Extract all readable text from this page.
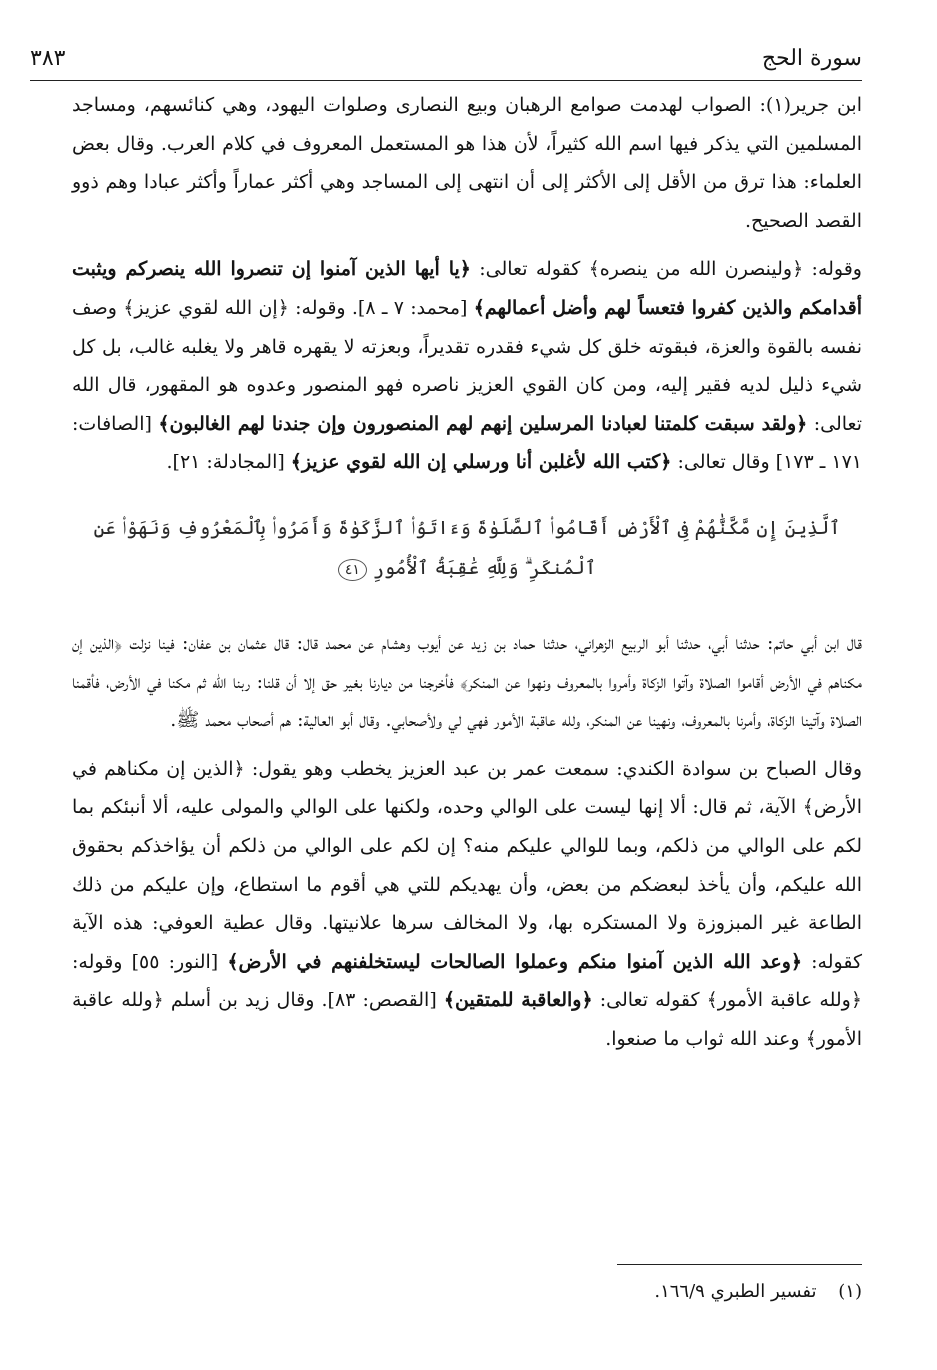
سورة الحج
٣٨٣

ابن جرير(١): الصواب لهدمت صوامع الرهبان وبيع النصارى وصلوات اليهود، وهي كنائسهم، ومساجد المسلمين التي يذكر فيها اسم الله كثيراً، لأن هذا هو المستعمل المعروف في كلام العرب. وقال بعض العلماء: هذا ترق من الأقل إلى الأكثر إلى أن انتهى إلى المساجد وهي أكثر عماراً وأكثر عبادا وهم ذوو القصد الصحيح.

وقوله: ﴿ولينصرن الله من ينصره﴾ كقوله تعالى: ﴿يا أيها الذين آمنوا إن تنصروا الله ينصركم ويثبت أقدامكم والذين كفروا فتعساً لهم وأضل أعمالهم﴾ [محمد: ٧ ـ ٨]. وقوله: ﴿إن الله لقوي عزيز﴾ وصف نفسه بالقوة والعزة، فبقوته خلق كل شيء فقدره تقديراً، وبعزته لا يقهره قاهر ولا يغلبه غالب، بل كل شيء ذليل لديه فقير إليه، ومن كان القوي العزيز ناصره فهو المنصور وعدوه هو المقهور، قال الله تعالى: ﴿ولقد سبقت كلمتنا لعبادنا المرسلين إنهم لهم المنصورون وإن جندنا لهم الغالبون﴾ [الصافات: ١٧١ ـ ١٧٣] وقال تعالى: ﴿كتب الله لأغلبن أنا ورسلي إن الله لقوي عزيز﴾ [المجادلة: ٢١].

ٱلَّذِينَ إِن مَّكَّنَّٰهُمْ فِى ٱلْأَرْضِ أَقَامُوا۟ ٱلصَّلَوٰةَ وَءَاتَوُا۟ ٱلزَّكَوٰةَ وَأَمَرُوا۟ بِٱلْمَعْرُوفِ وَنَهَوْا۟ عَنِ ٱلْمُنكَرِ ۗ وَلِلَّهِ عَٰقِبَةُ ٱلْأُمُورِ ٤١

قال ابن أبي حاتم: حدثنا أبي، حدثنا أبو الربيع الزهراني، حدثنا حماد بن زيد عن أيوب وهشام عن محمد قال: قال عثمان بن عفان: فينا نزلت ﴿الذين إن مكناهم في الأرض أقاموا الصلاة وآتوا الزكاة وأمروا بالمعروف ونهوا عن المنكر﴾ فأخرجنا من ديارنا بغير حق إلا أن قلنا: ربنا الله ثم مكنا في الأرض، فأقمنا الصلاة وآتينا الزكاة، وأمرنا بالمعروف، ونهينا عن المنكر، ولله عاقبة الأمور فهي لي ولأصحابي. وقال أبو العالية: هم أصحاب محمد ﷺ.

وقال الصباح بن سوادة الكندي: سمعت عمر بن عبد العزيز يخطب وهو يقول: ﴿الذين إن مكناهم في الأرض﴾ الآية، ثم قال: ألا إنها ليست على الوالي وحده، ولكنها على الوالي والمولى عليه، ألا أنبئكم بما لكم على الوالي من ذلكم، وبما للوالي عليكم منه؟ إن لكم على الوالي من ذلكم أن يؤاخذكم بحقوق الله عليكم، وأن يأخذ لبعضكم من بعض، وأن يهديكم للتي هي أقوم ما استطاع، وإن عليكم من ذلك الطاعة غير المبزوزة ولا المستكره بها، ولا المخالف سرها علانيتها. وقال عطية العوفي: هذه الآية كقوله: ﴿وعد الله الذين آمنوا منكم وعملوا الصالحات ليستخلفنهم في الأرض﴾ [النور: ٥٥] وقوله: ﴿ولله عاقبة الأمور﴾ كقوله تعالى: ﴿والعاقبة للمتقين﴾ [القصص: ٨٣]. وقال زيد بن أسلم ﴿ولله عاقبة الأمور﴾ وعند الله ثواب ما صنعوا.

(١) تفسير الطبري ١٦٦/٩.
